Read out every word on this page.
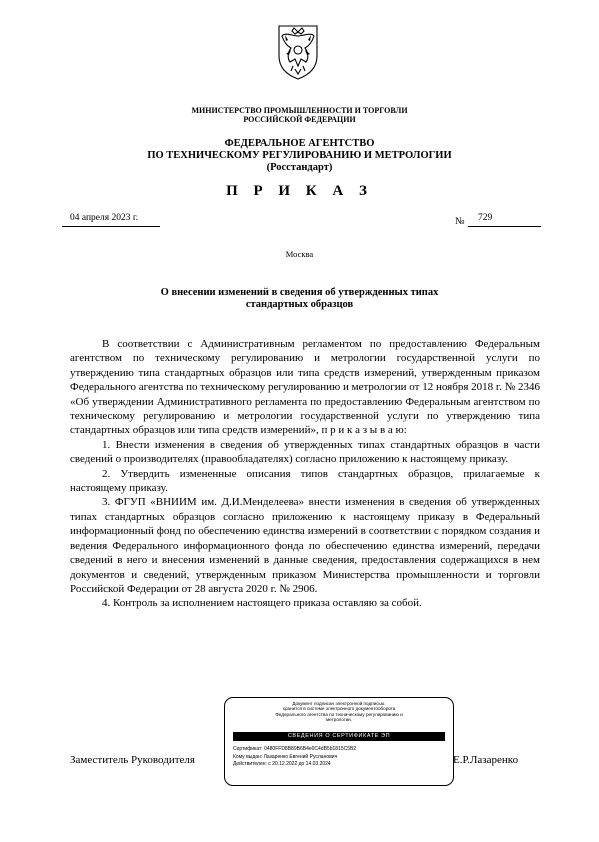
МИНИСТЕРСТВО ПРОМЫШЛЕННОСТИ И ТОРГОВЛИ
РОССИЙСКОЙ ФЕДЕРАЦИИ
ФЕДЕРАЛЬНОЕ АГЕНТСТВО
ПО ТЕХНИЧЕСКОМУ РЕГУЛИРОВАНИЮ И МЕТРОЛОГИИ
(Росстандарт)
П Р И К А З
04 апреля 2023 г.	№ 729
Москва
О внесении изменений в сведения об утвержденных типах
стандартных образцов

В соответствии с Административным регламентом по предоставлению Федеральным агентством по техническому регулированию и метрологии государственной услуги по утверждению типа стандартных образцов или типа средств измерений, утвержденным приказом Федерального агентства по техническому регулированию и метрологии от 12 ноября 2018 г. № 2346 «Об утверждении Административного регламента по предоставлению Федеральным агентством по техническому регулированию и метрологии государственной услуги по утверждению типа стандартных образцов или типа средств измерений», п р и к а з ы в а ю:

1. Внести изменения в сведения об утвержденных типах стандартных образцов в части сведений о производителях (правообладателях) согласно приложению к настоящему приказу.

2. Утвердить измененные описания типов стандартных образцов, прилагаемые к настоящему приказу.

3. ФГУП «ВНИИМ им. Д.И.Менделеева» внести изменения в сведения об утвержденных типах стандартных образцов согласно приложению к настоящему приказу в Федеральный информационный фонд по обеспечению единства измерений в соответствии с порядком создания и ведения Федерального информационного фонда по обеспечению единства измерений, передачи сведений в него и внесения изменений в данные сведения, предоставления содержащихся в нем документов и сведений, утвержденным приказом Министерства промышленности и торговли Российской Федерации от 28 августа 2020 г. № 2906.

4. Контроль за исполнением настоящего приказа оставляю за собой.

Документ подписан электронной подписью,
хранится в системе электронного документооборота
Федерального агентства по техническому регулированию и
метрологии.
СВЕДЕНИЯ О СЕРТИФИКАТЕ ЭП
Сертификат: 0480FFD8B89B6B4e0C4dB5b1815C5B2
Кому выдан: Лазаренко Евгений Русланович
Действителен: с 20.12.2022 до 14.03.2024
Заместитель Руководителя	Е.Р.Лазаренко
